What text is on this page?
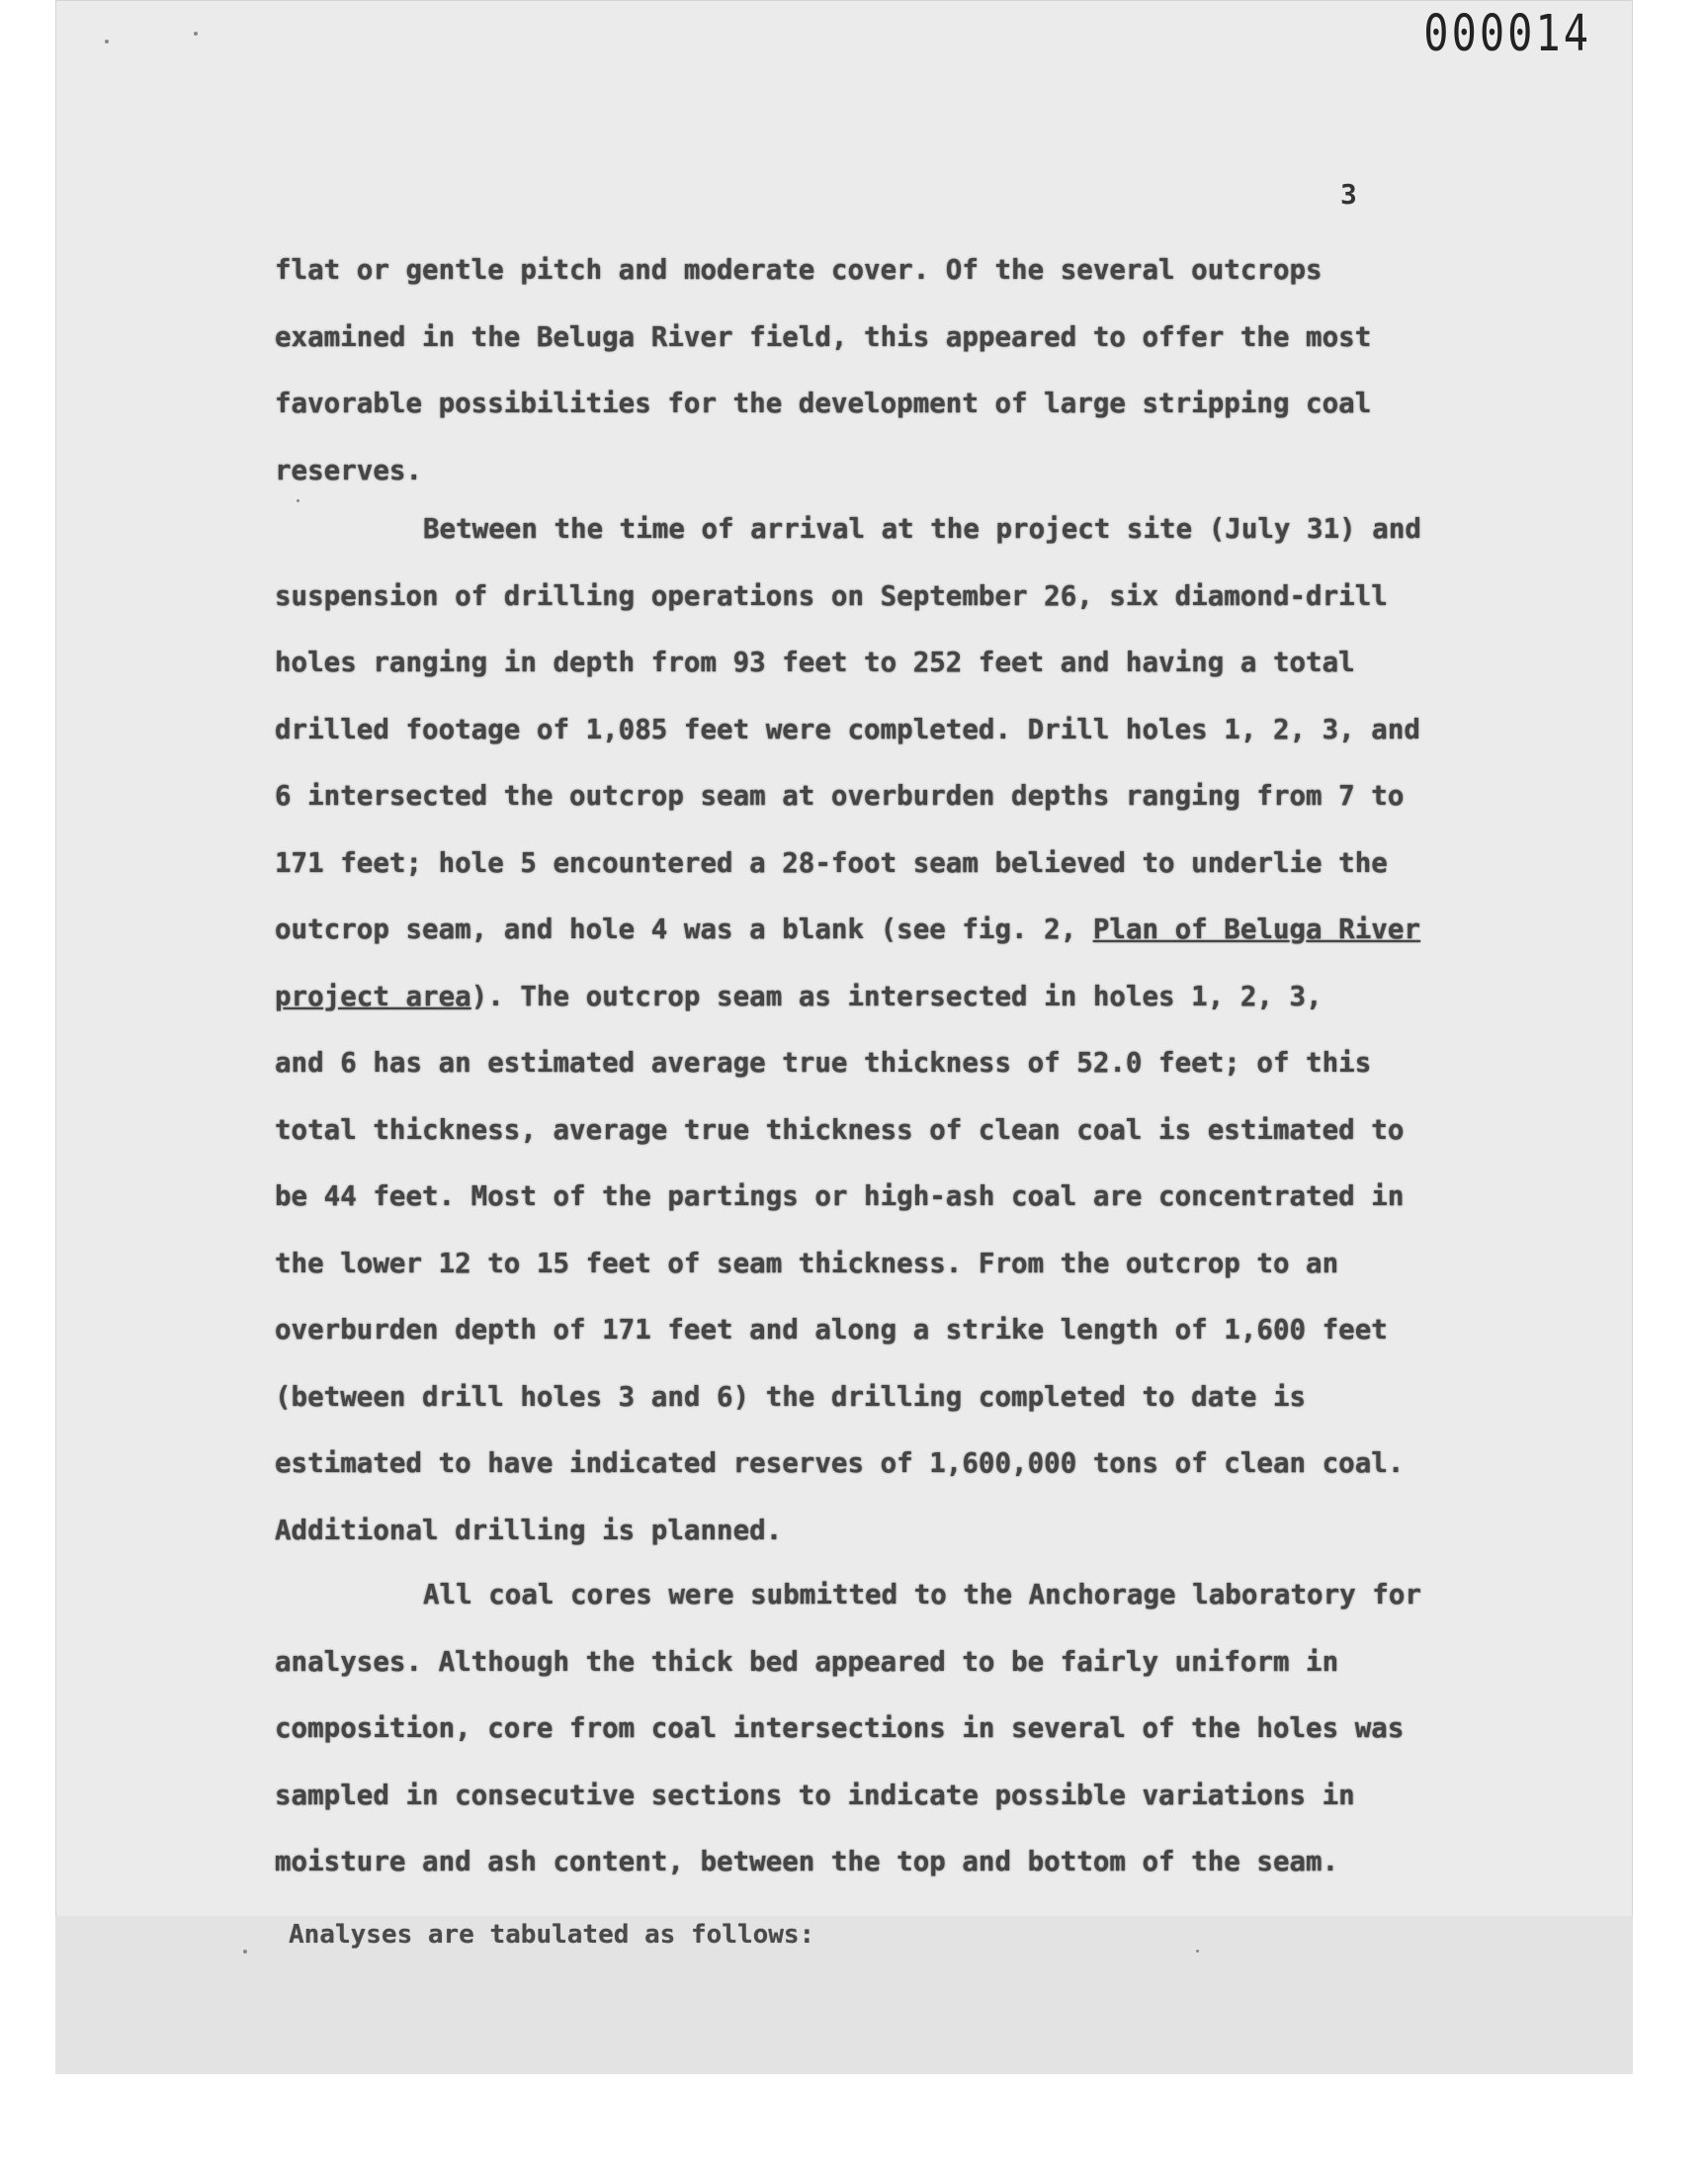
000014
3

flat or gentle pitch and moderate cover. Of the several outcrops
examined in the Beluga River field, this appeared to offer the most
favorable possibilities for the development of large stripping coal
reserves.

Between the time of arrival at the project site (July 31) and
suspension of drilling operations on September 26, six diamond-drill
holes ranging in depth from 93 feet to 252 feet and having a total
drilled footage of 1,085 feet were completed. Drill holes 1, 2, 3, and
6 intersected the outcrop seam at overburden depths ranging from 7 to
171 feet; hole 5 encountered a 28-foot seam believed to underlie the
outcrop seam, and hole 4 was a blank (see fig. 2, Plan of Beluga River
project area). The outcrop seam as intersected in holes 1, 2, 3,
and 6 has an estimated average true thickness of 52.0 feet; of this
total thickness, average true thickness of clean coal is estimated to
be 44 feet. Most of the partings or high-ash coal are concentrated in
the lower 12 to 15 feet of seam thickness. From the outcrop to an
overburden depth of 171 feet and along a strike length of 1,600 feet
(between drill holes 3 and 6) the drilling completed to date is
estimated to have indicated reserves of 1,600,000 tons of clean coal.
Additional drilling is planned.

All coal cores were submitted to the Anchorage laboratory for
analyses. Although the thick bed appeared to be fairly uniform in
composition, core from coal intersections in several of the holes was
sampled in consecutive sections to indicate possible variations in
moisture and ash content, between the top and bottom of the seam.

Analyses are tabulated as follows:
